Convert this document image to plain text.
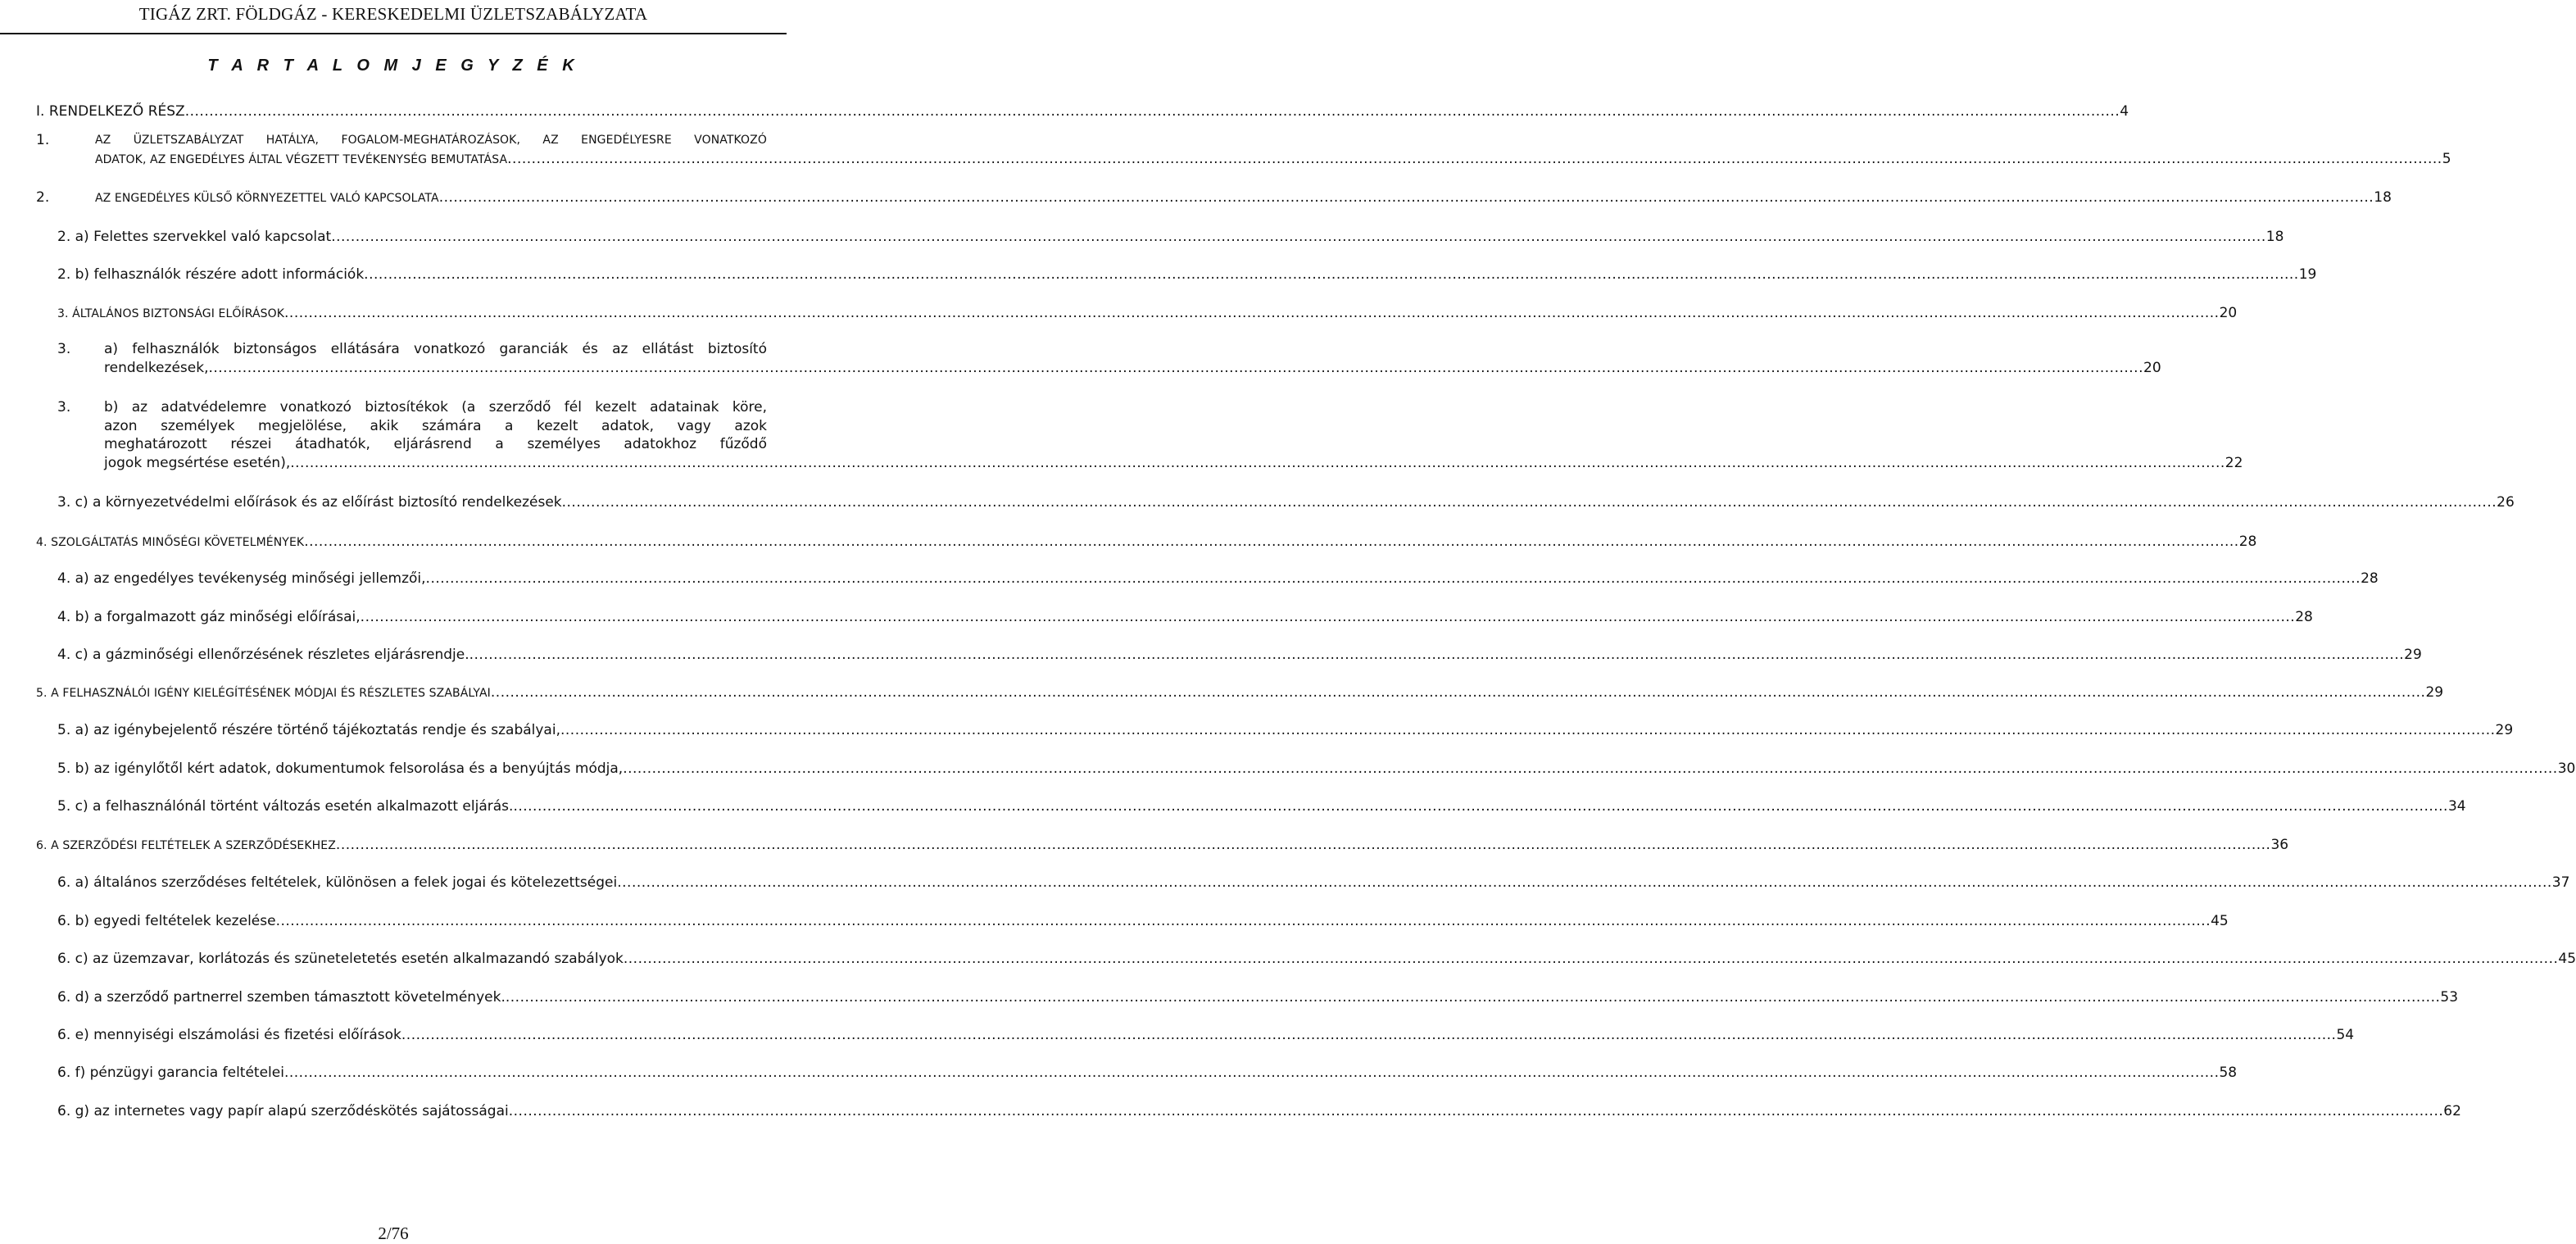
TIGÁZ ZRT. FÖLDGÁZ - KERESKEDELMI ÜZLETSZABÁLYZATA
T A R T A L O M J E G Y Z É K
I. RENDELKEZŐ RÉSZ ................................................................................................................................................................................................................................................................................................................................................................................................................ 4
1.	AZ ÜZLETSZABÁLYZAT HATÁLYA, FOGALOM-MEGHATÁROZÁSOK, AZ ENGEDÉLYESRE VONATKOZÓ
ADATOK, AZ ENGEDÉLYES ÁLTAL VÉGZETT TEVÉKENYSÉG BEMUTATÁSA ................................................................................................................................................................................................................................................................................................................................................................................................................ 5
2.	AZ ENGEDÉLYES KÜLSŐ KÖRNYEZETTEL VALÓ KAPCSOLATA ................................................................................................................................................................................................................................................................................................................................................................................................................ 18
2. a) Felettes szervekkel való kapcsolat ................................................................................................................................................................................................................................................................................................................................................................................................................ 18
2. b) felhasználók részére adott információk ................................................................................................................................................................................................................................................................................................................................................................................................................ 19
3. ÁLTALÁNOS BIZTONSÁGI ELŐÍRÁSOK ................................................................................................................................................................................................................................................................................................................................................................................................................ 20
3. a) felhasználók biztonságos ellátására vonatkozó garanciák és az ellátást biztosító
rendelkezések, ................................................................................................................................................................................................................................................................................................................................................................................................................ 20
3. b) az adatvédelemre vonatkozó biztosítékok (a szerződő fél kezelt adatainak köre,
azon személyek megjelölése, akik számára a kezelt adatok, vagy azok
meghatározott részei átadhatók, eljárásrend a személyes adatokhoz fűződő
jogok megsértése esetén), ................................................................................................................................................................................................................................................................................................................................................................................................................ 22
3. c) a környezetvédelmi előírások és az előírást biztosító rendelkezések ................................................................................................................................................................................................................................................................................................................................................................................................................ 26
4. SZOLGÁLTATÁS MINŐSÉGI KÖVETELMÉNYEK ................................................................................................................................................................................................................................................................................................................................................................................................................ 28
4. a) az engedélyes tevékenység minőségi jellemzői, ................................................................................................................................................................................................................................................................................................................................................................................................................ 28
4. b) a forgalmazott gáz minőségi előírásai, ................................................................................................................................................................................................................................................................................................................................................................................................................ 28
4. c) a gázminőségi ellenőrzésének részletes eljárásrendje. ................................................................................................................................................................................................................................................................................................................................................................................................................ 29
5. A FELHASZNÁLÓI IGÉNY KIELÉGÍTÉSÉNEK MÓDJAI ÉS RÉSZLETES SZABÁLYAI ................................................................................................................................................................................................................................................................................................................................................................................................................ 29
5. a) az igénybejelentő részére történő tájékoztatás rendje és szabályai, ................................................................................................................................................................................................................................................................................................................................................................................................................ 29
5. b) az igénylőtől kért adatok, dokumentumok felsorolása és a benyújtás módja, ................................................................................................................................................................................................................................................................................................................................................................................................................ 30
5. c) a felhasználónál történt változás esetén alkalmazott eljárás. ................................................................................................................................................................................................................................................................................................................................................................................................................ 34
6. A SZERZŐDÉSI FELTÉTELEK A SZERZŐDÉSEKHEZ ................................................................................................................................................................................................................................................................................................................................................................................................................ 36
6. a) általános szerződéses feltételek, különösen a felek jogai és kötelezettségei ................................................................................................................................................................................................................................................................................................................................................................................................................ 37
6. b) egyedi feltételek kezelése ................................................................................................................................................................................................................................................................................................................................................................................................................ 45
6. c) az üzemzavar, korlátozás és szüneteletetés esetén alkalmazandó szabályok ................................................................................................................................................................................................................................................................................................................................................................................................................ 45
6. d) a szerződő partnerrel szemben támasztott követelmények. ................................................................................................................................................................................................................................................................................................................................................................................................................ 53
6. e) mennyiségi elszámolási és fizetési előírások ................................................................................................................................................................................................................................................................................................................................................................................................................ 54
6. f) pénzügyi garancia feltételei ................................................................................................................................................................................................................................................................................................................................................................................................................ 58
6. g) az internetes vagy papír alapú szerződéskötés sajátosságai ................................................................................................................................................................................................................................................................................................................................................................................................................ 62
2/76
